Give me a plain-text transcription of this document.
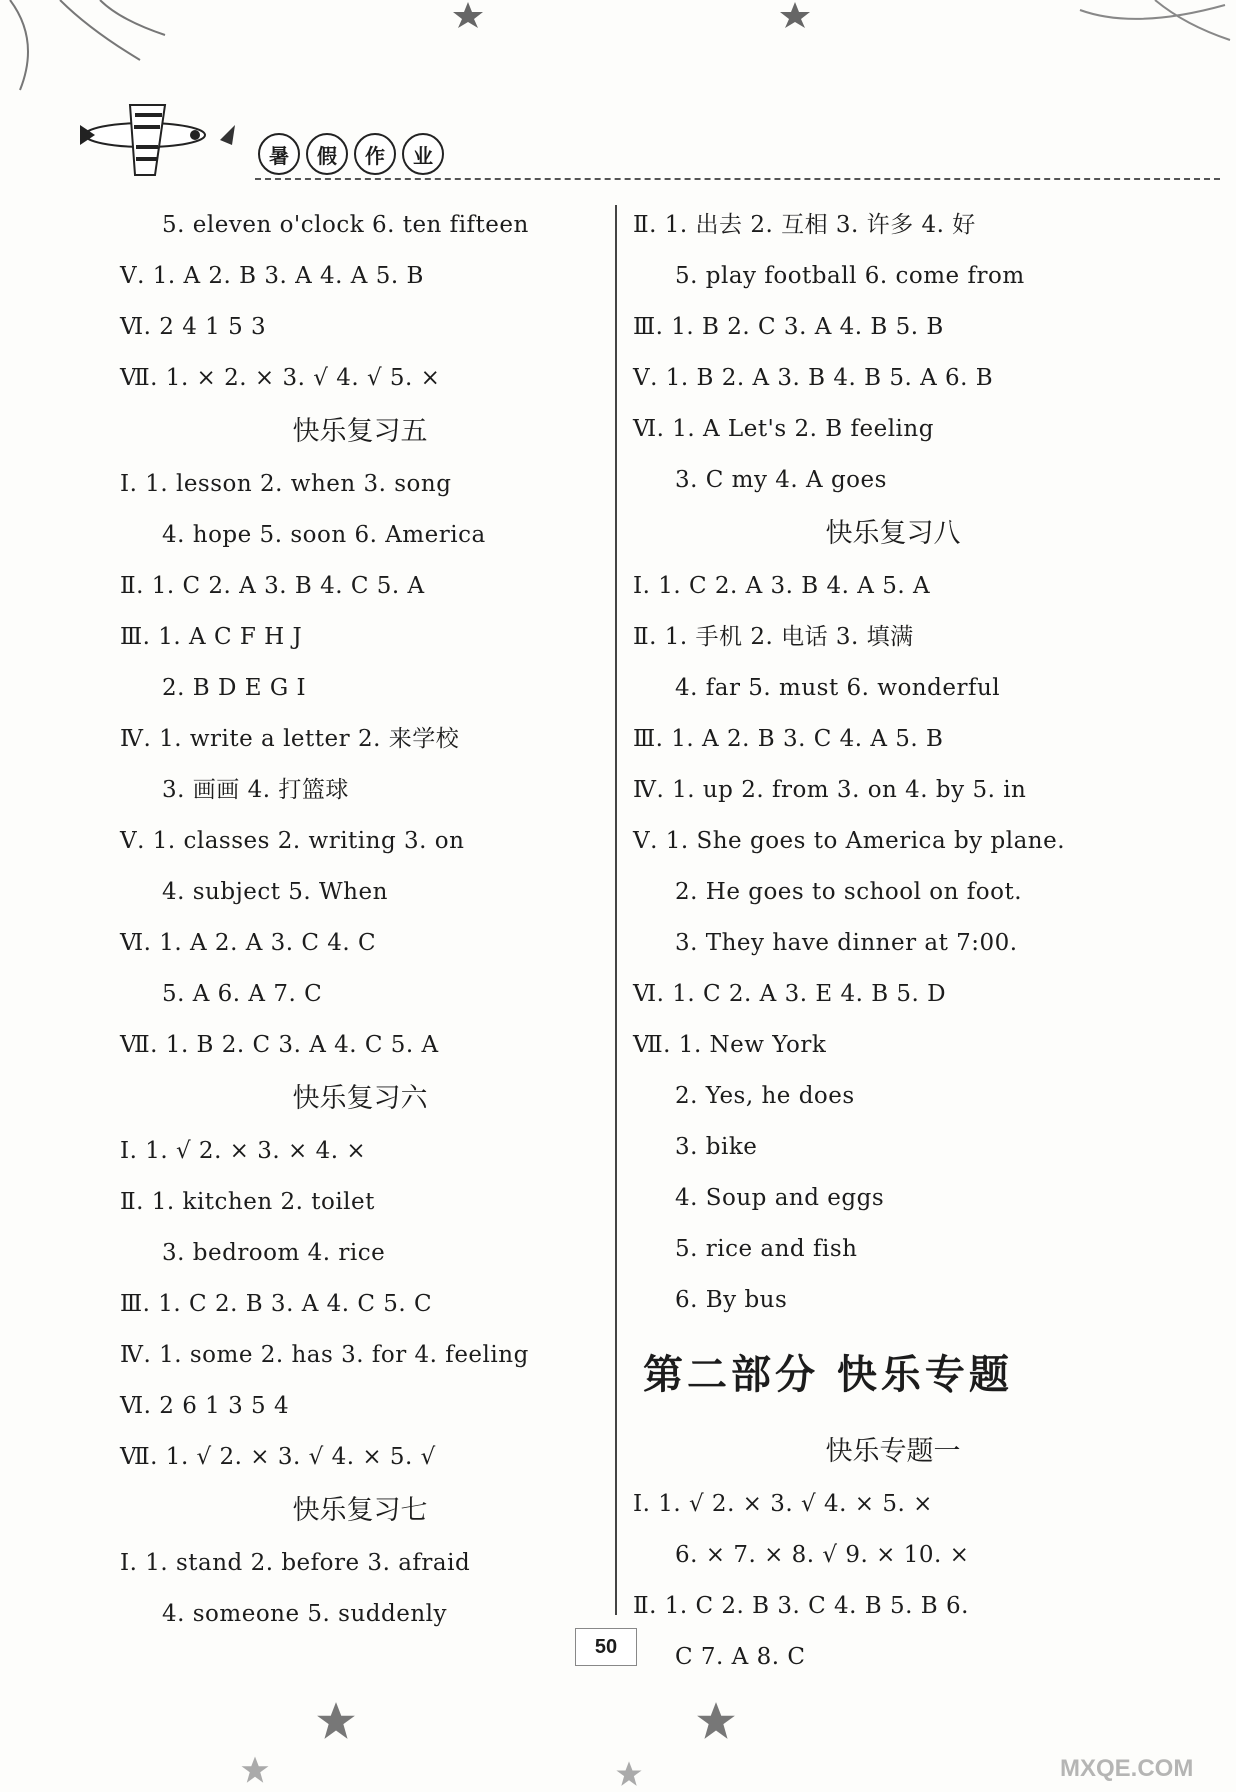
暑	假	作	业
5. eleven o'clock 6. ten fifteen
Ⅴ. 1. A 2. B 3. A 4. A 5. B
Ⅵ. 2 4 1 5 3
Ⅶ. 1. × 2. × 3. √ 4. √ 5. ×
快乐复习五
Ⅰ. 1. lesson 2. when 3. song
4. hope 5. soon 6. America
Ⅱ. 1. C 2. A 3. B 4. C 5. A
Ⅲ. 1. A C F H J
2. B D E G I
Ⅳ. 1. write a letter 2. 来学校
3. 画画 4. 打篮球
Ⅴ. 1. classes 2. writing 3. on
4. subject 5. When
Ⅵ. 1. A 2. A 3. C 4. C
5. A 6. A 7. C
Ⅶ. 1. B 2. C 3. A 4. C 5. A
快乐复习六
Ⅰ. 1. √ 2. × 3. × 4. ×
Ⅱ. 1. kitchen 2. toilet
3. bedroom 4. rice
Ⅲ. 1. C 2. B 3. A 4. C 5. C
Ⅳ. 1. some 2. has 3. for 4. feeling
Ⅵ. 2 6 1 3 5 4
Ⅶ. 1. √ 2. × 3. √ 4. × 5. √
快乐复习七
Ⅰ. 1. stand 2. before 3. afraid
4. someone 5. suddenly
Ⅱ. 1. 出去 2. 互相 3. 许多 4. 好
5. play football 6. come from
Ⅲ. 1. B 2. C 3. A 4. B 5. B
Ⅴ. 1. B 2. A 3. B 4. B 5. A 6. B
Ⅵ. 1. A Let's 2. B feeling
3. C my 4. A goes
快乐复习八
Ⅰ. 1. C 2. A 3. B 4. A 5. A
Ⅱ. 1. 手机 2. 电话 3. 填满
4. far 5. must 6. wonderful
Ⅲ. 1. A 2. B 3. C 4. A 5. B
Ⅳ. 1. up 2. from 3. on 4. by 5. in
Ⅴ. 1. She goes to America by plane.
2. He goes to school on foot.
3. They have dinner at 7:00.
Ⅵ. 1. C 2. A 3. E 4. B 5. D
Ⅶ. 1. New York
2. Yes, he does
3. bike
4. Soup and eggs
5. rice and fish
6. By bus
第二部分 快乐专题
快乐专题一
Ⅰ. 1. √ 2. × 3. √ 4. × 5. ×
6. × 7. × 8. √ 9. × 10. ×
Ⅱ. 1. C 2. B 3. C 4. B 5. B 6.
C 7. A 8. C
50
MXQE.COM
